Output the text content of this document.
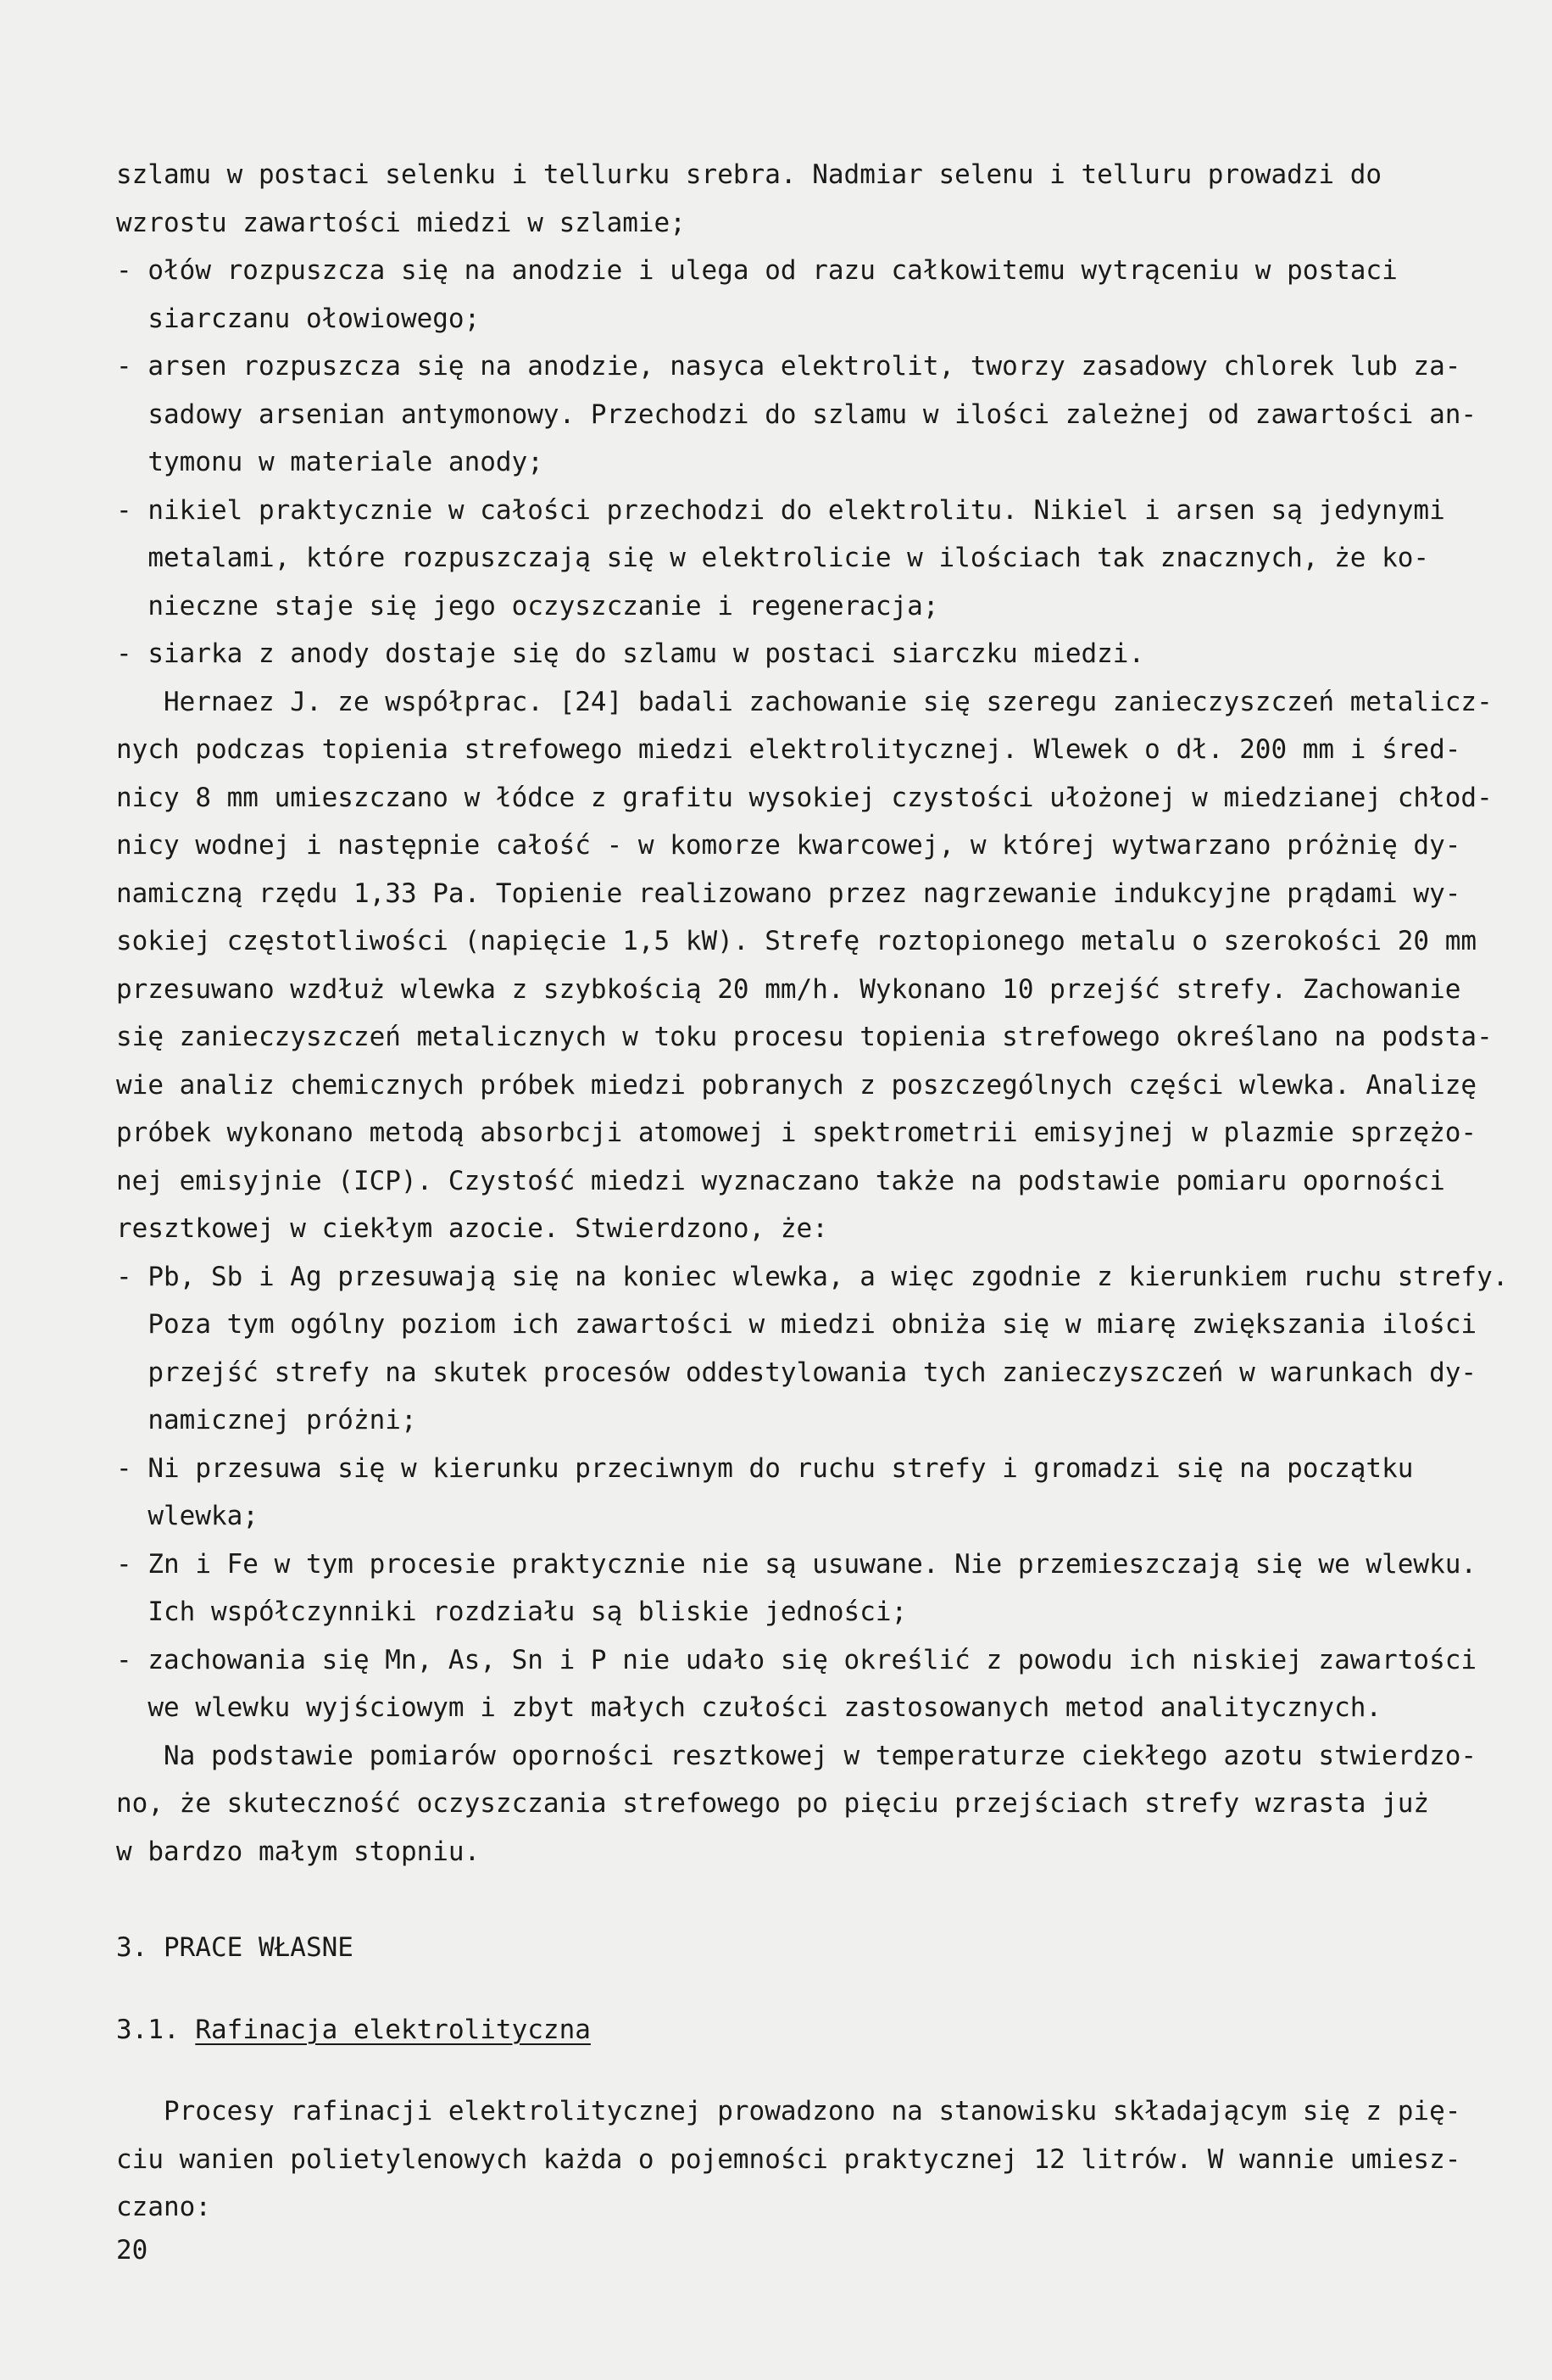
szlamu w postaci selenku i tellurku srebra. Nadmiar selenu i telluru prowadzi do
wzrostu zawartości miedzi w szlamie;
- ołów rozpuszcza się na anodzie i ulega od razu całkowitemu wytrąceniu w postaci
siarczanu ołowiowego;
- arsen rozpuszcza się na anodzie, nasyca elektrolit, tworzy zasadowy chlorek lub za-
sadowy arsenian antymonowy. Przechodzi do szlamu w ilości zależnej od zawartości an-
tymonu w materiale anody;
- nikiel praktycznie w całości przechodzi do elektrolitu. Nikiel i arsen są jedynymi
metalami, które rozpuszczają się w elektrolicie w ilościach tak znacznych, że ko-
nieczne staje się jego oczyszczanie i regeneracja;
- siarka z anody dostaje się do szlamu w postaci siarczku miedzi.
Hernaez J. ze współprac. [24] badali zachowanie się szeregu zanieczyszczeń metalicz-
nych podczas topienia strefowego miedzi elektrolitycznej. Wlewek o dł. 200 mm i śred-
nicy 8 mm umieszczano w łódce z grafitu wysokiej czystości ułożonej w miedzianej chłod-
nicy wodnej i następnie całość - w komorze kwarcowej, w której wytwarzano próżnię dy-
namiczną rzędu 1,33 Pa. Topienie realizowano przez nagrzewanie indukcyjne prądami wy-
sokiej częstotliwości (napięcie 1,5 kW). Strefę roztopionego metalu o szerokości 20 mm
przesuwano wzdłuż wlewka z szybkością 20 mm/h. Wykonano 10 przejść strefy. Zachowanie
się zanieczyszczeń metalicznych w toku procesu topienia strefowego określano na podsta-
wie analiz chemicznych próbek miedzi pobranych z poszczególnych części wlewka. Analizę
próbek wykonano metodą absorbcji atomowej i spektrometrii emisyjnej w plazmie sprzężo-
nej emisyjnie (ICP). Czystość miedzi wyznaczano także na podstawie pomiaru oporności
resztkowej w ciekłym azocie. Stwierdzono, że:
- Pb, Sb i Ag przesuwają się na koniec wlewka, a więc zgodnie z kierunkiem ruchu strefy.
Poza tym ogólny poziom ich zawartości w miedzi obniża się w miarę zwiększania ilości
przejść strefy na skutek procesów oddestylowania tych zanieczyszczeń w warunkach dy-
namicznej próżni;
- Ni przesuwa się w kierunku przeciwnym do ruchu strefy i gromadzi się na początku
wlewka;
- Zn i Fe w tym procesie praktycznie nie są usuwane. Nie przemieszczają się we wlewku.
Ich współczynniki rozdziału są bliskie jedności;
- zachowania się Mn, As, Sn i P nie udało się określić z powodu ich niskiej zawartości
we wlewku wyjściowym i zbyt małych czułości zastosowanych metod analitycznych.
Na podstawie pomiarów oporności resztkowej w temperaturze ciekłego azotu stwierdzo-
no, że skuteczność oczyszczania strefowego po pięciu przejściach strefy wzrasta już
w bardzo małym stopniu.
3. PRACE WŁASNE
3.1. Rafinacja elektrolityczna
Procesy rafinacji elektrolitycznej prowadzono na stanowisku składającym się z pię-
ciu wanien polietylenowych każda o pojemności praktycznej 12 litrów. W wannie umiesz-
czano:
20
